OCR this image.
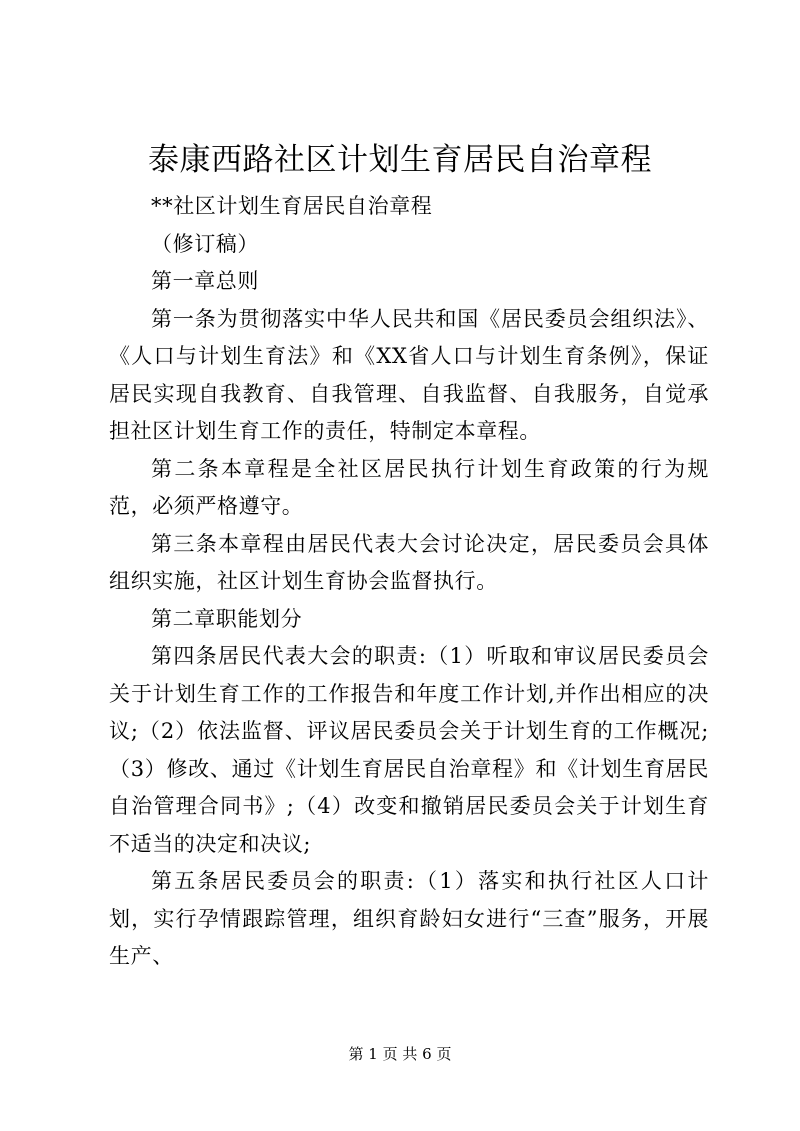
泰康西路社区计划生育居民自治章程

**社区计划生育居民自治章程

（修订稿）

第一章总则

第一条为贯彻落实中华人民共和国《居民委员会组织法》、《人口与计划生育法》和《XX省人口与计划生育条例》，保证居民实现自我教育、自我管理、自我监督、自我服务，自觉承担社区计划生育工作的责任，特制定本章程。

第二条本章程是全社区居民执行计划生育政策的行为规范，必须严格遵守。

第三条本章程由居民代表大会讨论决定，居民委员会具体组织实施，社区计划生育协会监督执行。

第二章职能划分

第四条居民代表大会的职责:（1）听取和审议居民委员会关于计划生育工作的工作报告和年度工作计划,并作出相应的决议;（2）依法监督、评议居民委员会关于计划生育的工作概况;（3）修改、通过《计划生育居民自治章程》和《计划生育居民自治管理合同书》;（4）改变和撤销居民委员会关于计划生育不适当的决定和决议;

第五条居民委员会的职责:（1）落实和执行社区人口计划，实行孕情跟踪管理，组织育龄妇女进行“三查”服务，开展生产、

第 1 页 共 6 页
